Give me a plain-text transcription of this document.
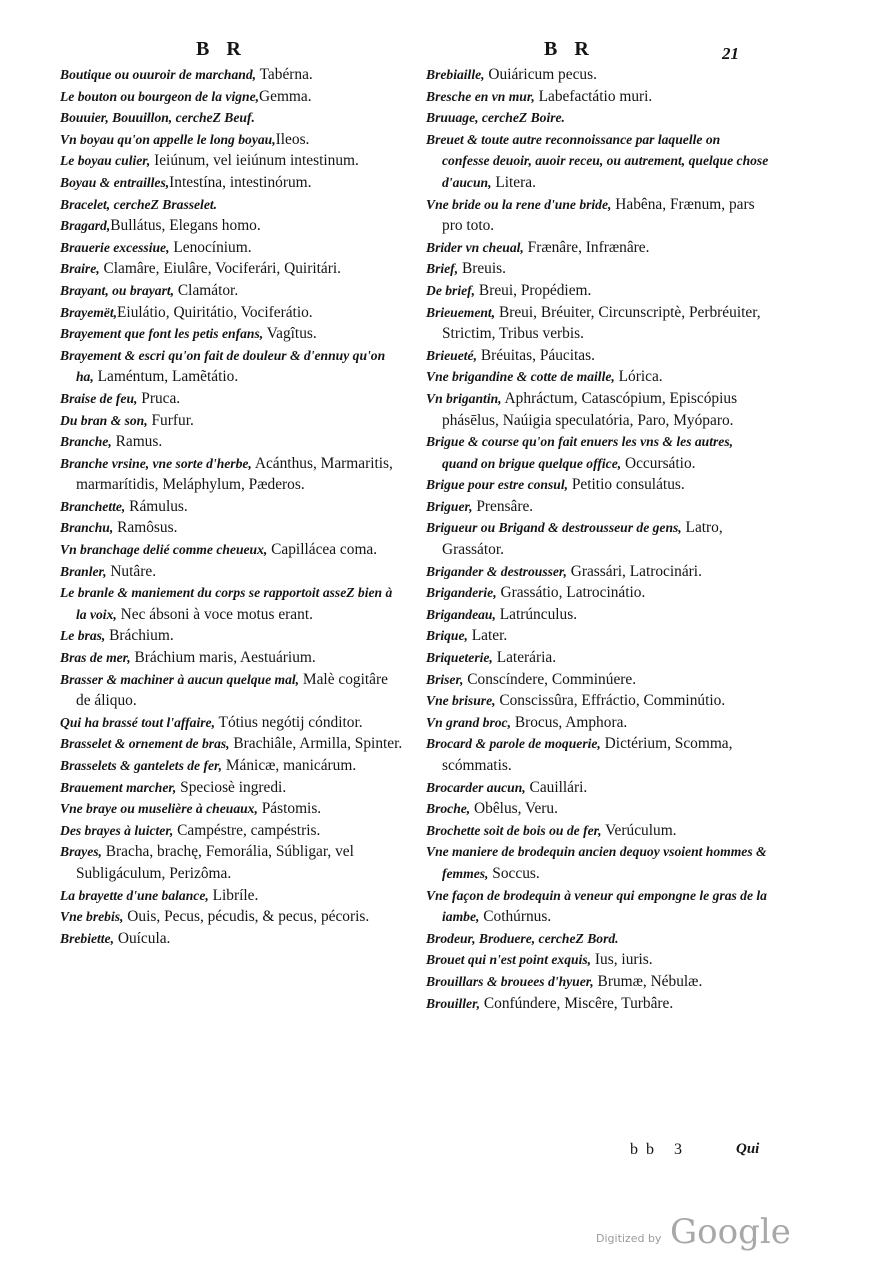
B R	B R	21

Boutique ou ouuroir de marchand, Tabérna.

Le bouton ou bourgeon de la vigne,Gemma.

Bouuier, Bouuillon, cercheZ Beuf.

Vn boyau qu'on appelle le long boyau,Ileos.

Le boyau culier, Ieiúnum, vel ieiúnum intestinum.

Boyau & entrailles,Intestína, intestinórum.

Bracelet, cercheZ Brasselet.

Bragard,Bullátus, Elegans homo.

Brauerie excessiue, Lenocínium.

Braire, Clamâre, Eiulâre, Vociferári, Quiritári.

Brayant, ou brayart, Clamátor.

Brayemët,Eiulátio, Quiritátio, Vociferátio.

Brayement que font les petis enfans, Vagîtus.

Brayement & escri qu'on fait de douleur & d'ennuy qu'on ha, Laméntum, Lamẽtátio.

Braise de feu, Pruca.

Du bran & son, Furfur.

Branche, Ramus.

Branche vrsine, vne sorte d'herbe, Acánthus, Marmaritis, marmarítidis, Meláphylum, Pæderos.

Branchette, Rámulus.

Branchu, Ramôsus.

Vn branchage delié comme cheueux, Capillácea coma.

Branler, Nutâre.

Le branle & maniement du corps se rapportoit asseZ bien à la voix, Nec ábsoni à voce motus erant.

Le bras, Bráchium.

Bras de mer, Bráchium maris, Aestuárium.

Brasser & machiner à aucun quelque mal, Malè cogitâre de áliquo.

Qui ha brassé tout l'affaire, Tótius negótij cónditor.

Brasselet & ornement de bras, Brachiâle, Armilla, Spinter.

Brasselets & gantelets de fer, Mánicæ, manicárum.

Brauement marcher, Speciosè ingredi.

Vne braye ou muselière à cheuaux, Pástomis.

Des brayes à luicter, Campéstre, campéstris.

Brayes, Bracha, brachę, Femorália, Súbligar, vel Subligáculum, Perizôma.

La brayette d'une balance, Libríle.

Vne brebis, Ouis, Pecus, pécudis, & pecus, pécoris.

Brebiette, Ouícula.

Brebiaille, Ouiáricum pecus.

Bresche en vn mur, Labefactátio muri.

Bruuage, cercheZ Boire.

Breuet & toute autre reconnoissance par laquelle on confesse deuoir, auoir receu, ou autrement, quelque chose d'aucun, Litera.

Vne bride ou la rene d'une bride, Habêna, Frænum, pars pro toto.

Brider vn cheual, Frænâre, Infrænâre.

Brief, Breuis.

De brief, Breui, Propédiem.

Brieuement, Breui, Bréuiter, Circunscriptè, Perbréuiter, Strictim, Tribus verbis.

Brieueté, Bréuitas, Páucitas.

Vne brigandine & cotte de maille, Lórica.

Vn brigantin, Aphráctum, Catascópium, Episcópius phásēlus, Naúigia speculatória, Paro, Myóparo.

Brigue & course qu'on fait enuers les vns & les autres, quand on brigue quelque office, Occursátio.

Brigue pour estre consul, Petitio consulátus.

Briguer, Prensâre.

Brigueur ou Brigand & destrousseur de gens, Latro, Grassátor.

Brigander & destrousser, Grassári, Latrocinári.

Briganderie, Grassátio, Latrocinátio.

Brigandeau, Latrúnculus.

Brique, Later.

Briqueterie, Laterária.

Briser, Conscíndere, Comminúere.

Vne brisure, Conscissûra, Effráctio, Comminútio.

Vn grand broc, Brocus, Amphora.

Brocard & parole de moquerie, Dictérium, Scomma, scómmatis.

Brocarder aucun, Cauillári.

Broche, Obêlus, Veru.

Brochette soit de bois ou de fer, Verúculum.

Vne maniere de brodequin ancien dequoy vsoient hommes & femmes, Soccus.

Vne façon de brodequin à veneur qui empongne le gras de la iambe, Cothúrnus.

Brodeur, Broduere, cercheZ Bord.

Brouet qui n'est point exquis, Ius, iuris.

Brouillars & brouees d'hyuer, Brumæ, Nébulæ.

Brouiller, Confúndere, Miscêre, Turbâre.

bb 3	Qui
Digitized by Google
